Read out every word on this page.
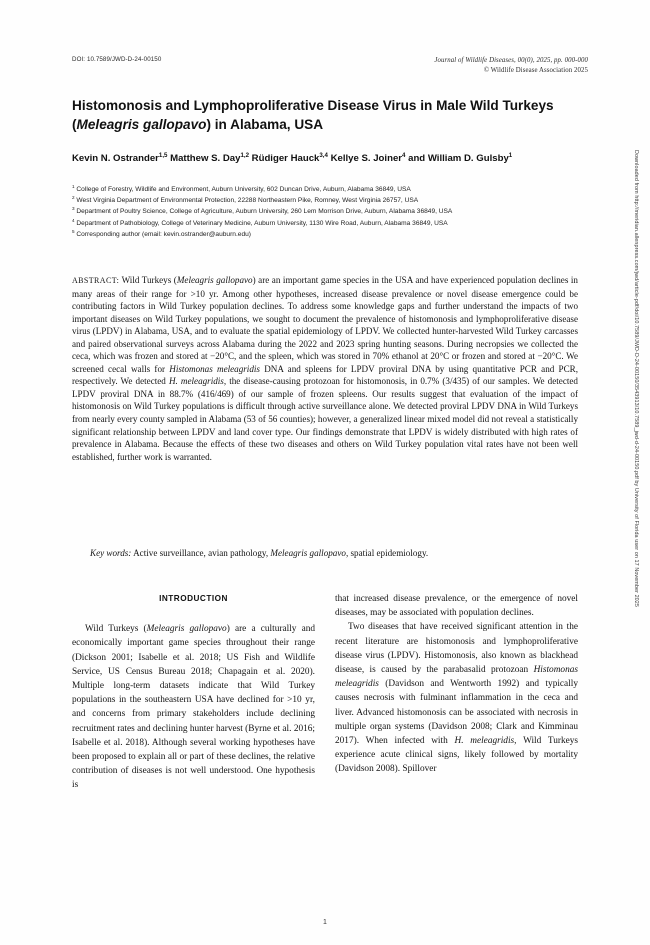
DOI: 10.7589/JWD-D-24-00150	Journal of Wildlife Diseases, 00(0), 2025, pp. 000-000
© Wildlife Disease Association 2025
Histomonosis and Lymphoproliferative Disease Virus in Male Wild Turkeys (Meleagris gallopavo) in Alabama, USA
Kevin N. Ostrander$^{1,5}$ Matthew S. Day$^{1,2}$ Rüdiger Hauck$^{3,4}$ Kellye S. Joiner$^4$ and William D. Gulsby$^1$
$^1$ College of Forestry, Wildlife and Environment, Auburn University, 602 Duncan Drive, Auburn, Alabama 36849, USA
$^2$ West Virginia Department of Environmental Protection, 22288 Northeastern Pike, Romney, West Virginia 26757, USA
$^3$ Department of Poultry Science, College of Agriculture, Auburn University, 260 Lem Morrison Drive, Auburn, Alabama 36849, USA
$^4$ Department of Pathobiology, College of Veterinary Medicine, Auburn University, 1130 Wire Road, Auburn, Alabama 36849, USA
$^5$ Corresponding author (email: kevin.ostrander@auburn.edu)
ABSTRACT: Wild Turkeys (Meleagris gallopavo) are an important game species in the USA and have experienced population declines in many areas of their range for >10 yr. Among other hypotheses, increased disease prevalence or novel disease emergence could be contributing factors in Wild Turkey population declines. To address some knowledge gaps and further understand the impacts of two important diseases on Wild Turkey populations, we sought to document the prevalence of histomonosis and lymphoproliferative disease virus (LPDV) in Alabama, USA, and to evaluate the spatial epidemiology of LPDV. We collected hunter-harvested Wild Turkey carcasses and paired observational surveys across Alabama during the 2022 and 2023 spring hunting seasons. During necropsies we collected the ceca, which was frozen and stored at −20°C, and the spleen, which was stored in 70% ethanol at 20°C or frozen and stored at −20°C. We screened cecal walls for Histomonas meleagridis DNA and spleens for LPDV proviral DNA by using quantitative PCR and PCR, respectively. We detected H. meleagridis, the disease-causing protozoan for histomonosis, in 0.7% (3/435) of our samples. We detected LPDV proviral DNA in 88.7% (416/469) of our sample of frozen spleens. Our results suggest that evaluation of the impact of histomonosis on Wild Turkey populations is difficult through active surveillance alone. We detected proviral LPDV DNA in Wild Turkeys from nearly every county sampled in Alabama (53 of 56 counties); however, a generalized linear mixed model did not reveal a statistically significant relationship between LPDV and land cover type. Our findings demonstrate that LPDV is widely distributed with high rates of prevalence in Alabama. Because the effects of these two diseases and others on Wild Turkey population vital rates have not been well established, further work is warranted.
Key words: Active surveillance, avian pathology, Meleagris gallopavo, spatial epidemiology.
INTRODUCTION

Wild Turkeys (Meleagris gallopavo) are a culturally and economically important game species throughout their range (Dickson 2001; Isabelle et al. 2018; US Fish and Wildlife Service, US Census Bureau 2018; Chapagain et al. 2020). Multiple long-term datasets indicate that Wild Turkey populations in the southeastern USA have declined for >10 yr, and concerns from primary stakeholders include declining recruitment rates and declining hunter harvest (Byrne et al. 2016; Isabelle et al. 2018). Although several working hypotheses have been proposed to explain all or part of these declines, the relative contribution of diseases is not well understood. One hypothesis is

that increased disease prevalence, or the emergence of novel diseases, may be associated with population declines.

Two diseases that have received significant attention in the recent literature are histomonosis and lymphoproliferative disease virus (LPDV). Histomonosis, also known as blackhead disease, is caused by the parabasalid protozoan Histomonas meleagridis (Davidson and Wentworth 1992) and typically causes necrosis with fulminant inflammation in the ceca and liver. Advanced histomonosis can be associated with necrosis in multiple organ systems (Davidson 2008; Clark and Kimminau 2017). When infected with H. meleagridis, Wild Turkeys experience acute clinical signs, likely followed by mortality (Davidson 2008). Spillover

1
Downloaded from http://meridian.allenpress.com/jwd/article-pdf/doi/10.7589/JWD-D-24-00150/3543913/10.7589_jwd-d-24-00150.pdf by University of Florida user on 17 November 2025
